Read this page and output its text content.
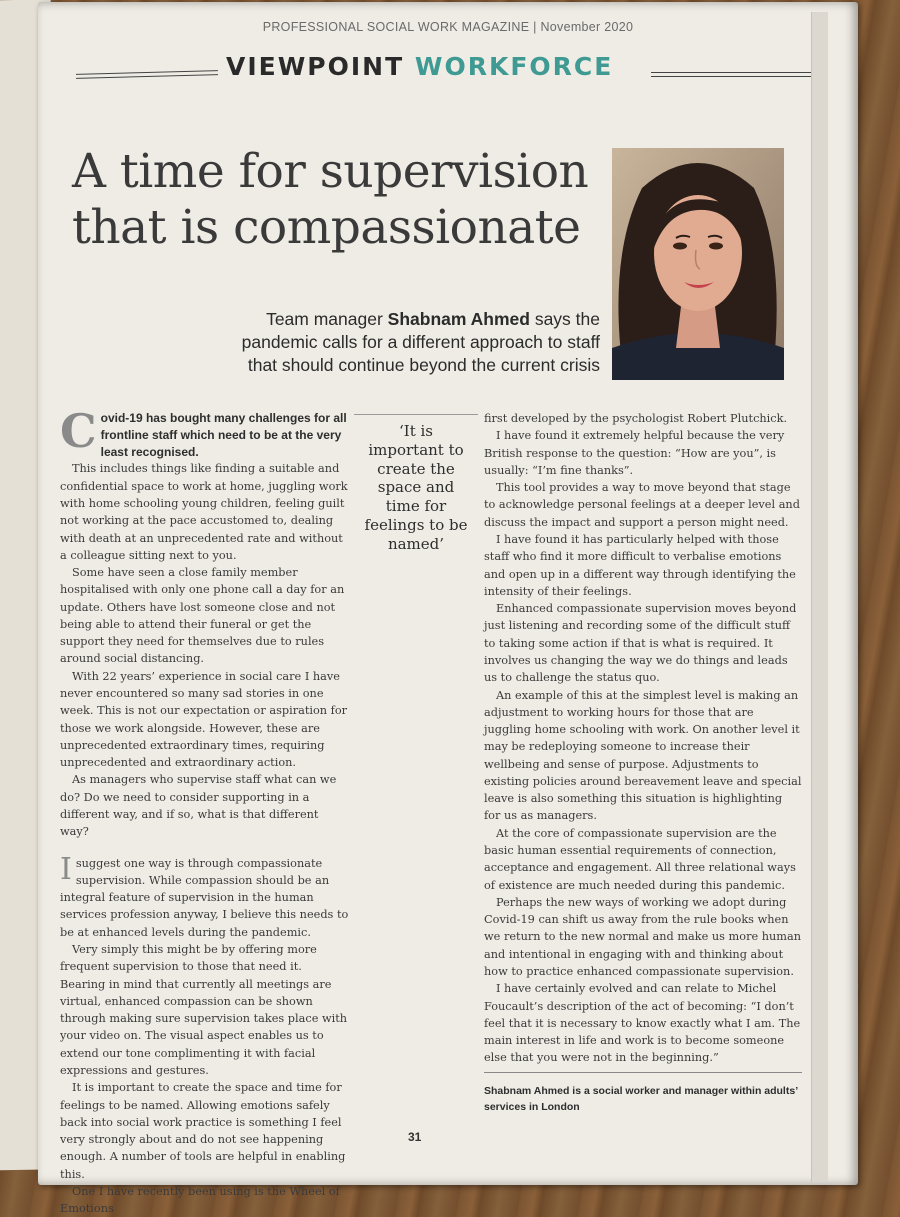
PROFESSIONAL SOCIAL WORK MAGAZINE | November 2020
VIEWPOINT WORKFORCE
A time for supervision
that is compassionate
Team manager Shabnam Ahmed says the pandemic calls for a different approach to staff that should continue beyond the current crisis

Covid-19 has bought many challenges for all frontline staff which need to be at the very least recognised.

This includes things like finding a suitable and confidential space to work at home, juggling work with home schooling young children, feeling guilt not working at the pace accustomed to, dealing with death at an unprecedented rate and without a colleague sitting next to you.

Some have seen a close family member hospitalised with only one phone call a day for an update. Others have lost someone close and not being able to attend their funeral or get the support they need for themselves due to rules around social distancing.

With 22 years’ experience in social care I have never encountered so many sad stories in one week. This is not our expectation or aspiration for those we work alongside. However, these are unprecedented extraordinary times, requiring unprecedented and extraordinary action.

As managers who supervise staff what can we do? Do we need to consider supporting in a different way, and if so, what is that different way?

I suggest one way is through compassionate supervision. While compassion should be an integral feature of supervision in the human services profession anyway, I believe this needs to be at enhanced levels during the pandemic.

Very simply this might be by offering more frequent supervision to those that need it. Bearing in mind that currently all meetings are virtual, enhanced compassion can be shown through making sure supervision takes place with your video on. The visual aspect enables us to extend our tone complimenting it with facial expressions and gestures.

It is important to create the space and time for feelings to be named. Allowing emotions safely back into social work practice is something I feel very strongly about and do not see happening enough. A number of tools are helpful in enabling this.

One I have recently been using is the Wheel of Emotions

‘It is important to create the space and time for feelings to be named’

first developed by the psychologist Robert Plutchick.

I have found it extremely helpful because the very British response to the question: “How are you”, is usually: “I’m fine thanks”.

This tool provides a way to move beyond that stage to acknowledge personal feelings at a deeper level and discuss the impact and support a person might need.

I have found it has particularly helped with those staff who find it more difficult to verbalise emotions and open up in a different way through identifying the intensity of their feelings.

Enhanced compassionate supervision moves beyond just listening and recording some of the difficult stuff to taking some action if that is what is required. It involves us changing the way we do things and leads us to challenge the status quo.

An example of this at the simplest level is making an adjustment to working hours for those that are juggling home schooling with work. On another level it may be redeploying someone to increase their wellbeing and sense of purpose. Adjustments to existing policies around bereavement leave and special leave is also something this situation is highlighting for us as managers.

At the core of compassionate supervision are the basic human essential requirements of connection, acceptance and engagement. All three relational ways of existence are much needed during this pandemic.

Perhaps the new ways of working we adopt during Covid-19 can shift us away from the rule books when we return to the new normal and make us more human and intentional in engaging with and thinking about how to practice enhanced compassionate supervision.

I have certainly evolved and can relate to Michel Foucault’s description of the act of becoming: “I don’t feel that it is necessary to know exactly what I am. The main interest in life and work is to become someone else that you were not in the beginning.”

Shabnam Ahmed is a social worker and manager within adults’ services in London
31
